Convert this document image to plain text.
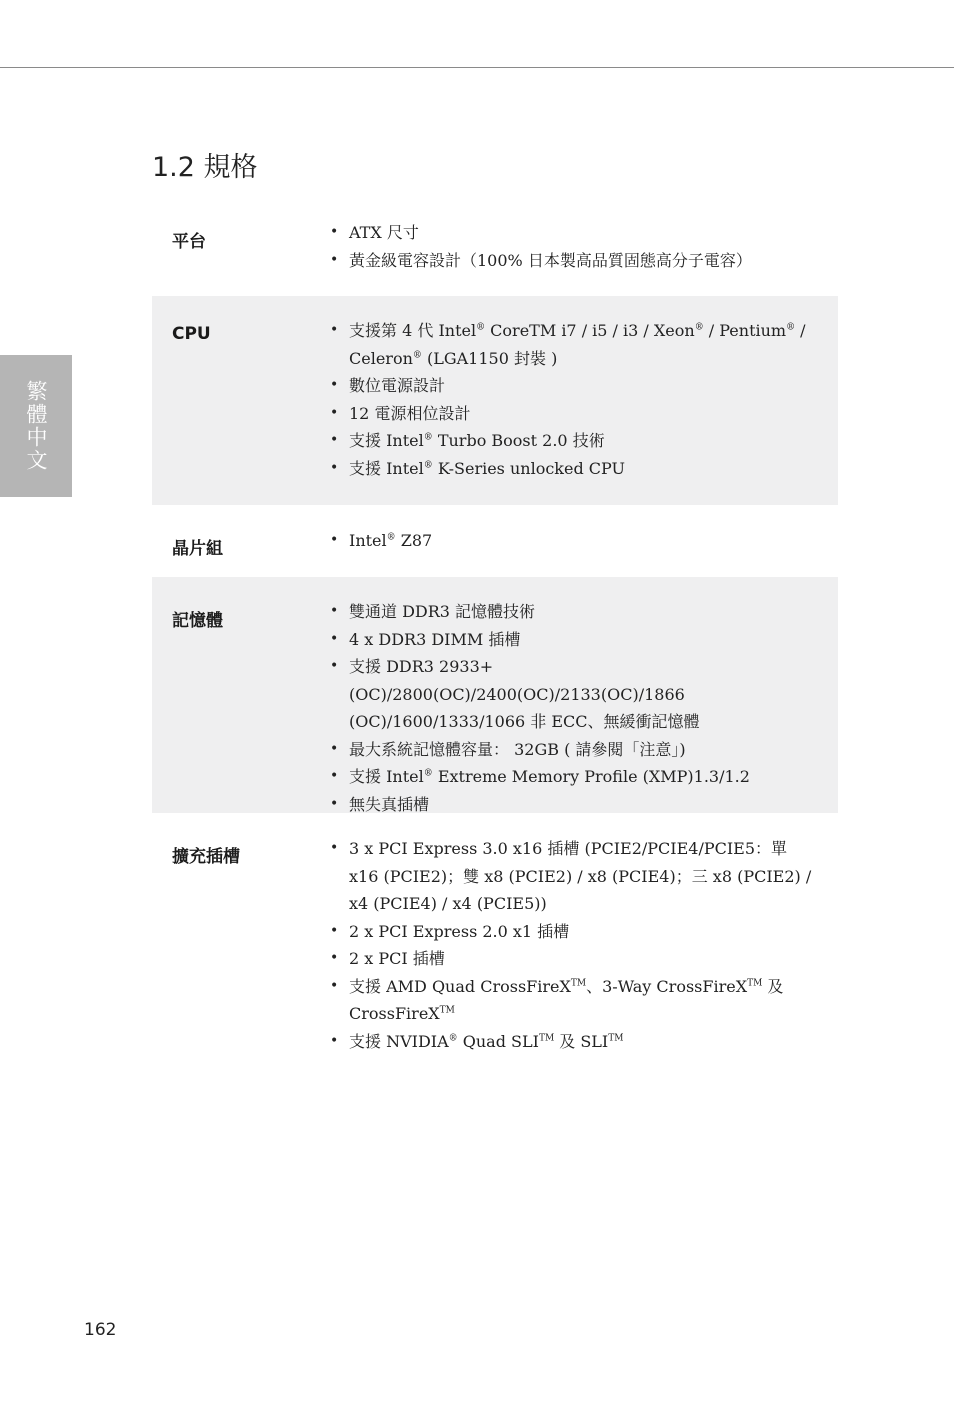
繁體中文
1.2 規格
平台	• ATX 尺寸
• 黃金級電容設計（100% 日本製高品質固態高分子電容）
CPU	• 支援第 4 代 Intel® CoreTM i7 / i5 / i3 / Xeon® / Pentium® / Celeron® (LGA1150 封裝 )
• 數位電源設計
• 12 電源相位設計
• 支援 Intel® Turbo Boost 2.0 技術
• 支援 Intel® K-Series unlocked CPU
晶片組	• Intel® Z87
記憶體	• 雙通道 DDR3 記憶體技術
• 4 x DDR3 DIMM 插槽
• 支援 DDR3 2933+(OC)/2800(OC)/2400(OC)/2133(OC)/1866 (OC)/1600/1333/1066 非 ECC、無緩衝記憶體
• 最大系統記憶體容量： 32GB ( 請參閱「注意」)
• 支援 Intel® Extreme Memory Profile (XMP)1.3/1.2
• 無失真插槽
擴充插槽	• 3 x PCI Express 3.0 x16 插槽 (PCIE2/PCIE4/PCIE5：單 x16 (PCIE2)；雙 x8 (PCIE2) / x8 (PCIE4)；三 x8 (PCIE2) / x4 (PCIE4) / x4 (PCIE5))
• 2 x PCI Express 2.0 x1 插槽
• 2 x PCI 插槽
• 支援 AMD Quad CrossFireX™、3-Way CrossFireX™ 及 CrossFireX™
• 支援 NVIDIA® Quad SLI™ 及 SLI™
162
